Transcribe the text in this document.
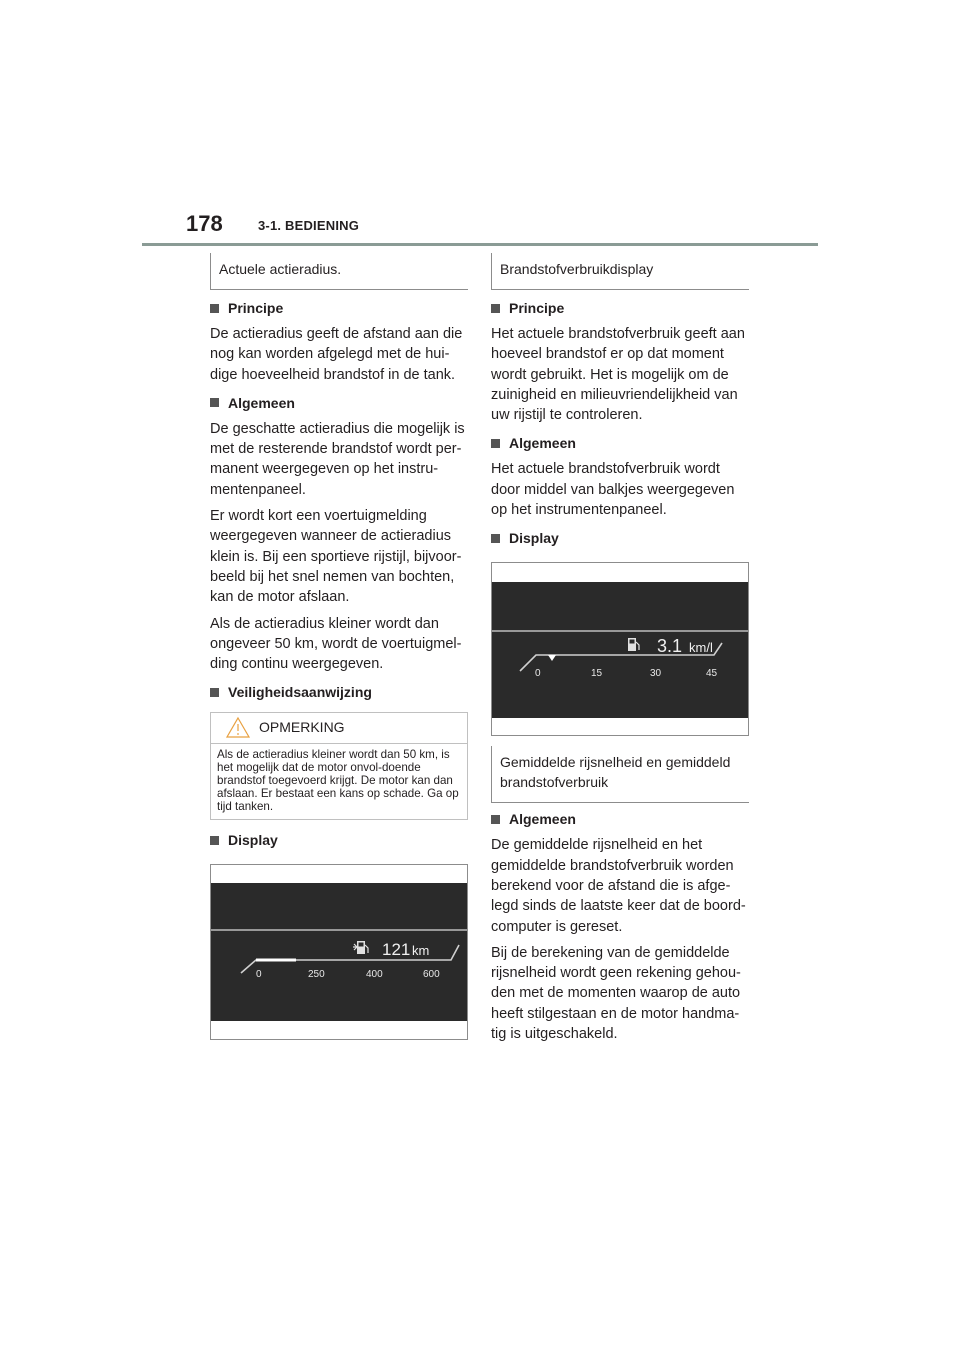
178	3-1. BEDIENING
Actuele actieradius.
Principe

De actieradius geeft de afstand aan die nog kan worden afgelegd met de hui-dige hoeveelheid brandstof in de tank.

Algemeen

De geschatte actieradius die mogelijk is met de resterende brandstof wordt per-manent weergegeven op het instru-mentenpaneel.

Er wordt kort een voertuigmelding weergegeven wanneer de actieradius klein is. Bij een sportieve rijstijl, bijvoor-beeld bij het snel nemen van bochten, kan de motor afslaan.

Als de actieradius kleiner wordt dan ongeveer 50 km, wordt de voertuigmel-ding continu weergegeven.

Veiligheidsaanwijzing
OPMERKING
Als de actieradius kleiner wordt dan 50 km, is het mogelijk dat de motor onvol-doende brandstof toegevoerd krijgt. De motor kan dan afslaan. Er bestaat een kans op schade. Ga op tijd tanken.
Display
121 km
0	250	400	600
Brandstofverbruikdisplay
Principe

Het actuele brandstofverbruik geeft aan hoeveel brandstof er op dat moment wordt gebruikt. Het is mogelijk om de zuinigheid en milieuvriendelijkheid van uw rijstijl te controleren.

Algemeen

Het actuele brandstofverbruik wordt door middel van balkjes weergegeven op het instrumentenpaneel.

Display
3.1 km/l
0	15	30	45
Gemiddelde rijsnelheid en gemiddeld brandstofverbruik
Algemeen

De gemiddelde rijsnelheid en het gemiddelde brandstofverbruik worden berekend voor de afstand die is afge-legd sinds de laatste keer dat de boord-computer is gereset.

Bij de berekening van de gemiddelde rijsnelheid wordt geen rekening gehou-den met de momenten waarop de auto heeft stilgestaan en de motor handma-tig is uitgeschakeld.
